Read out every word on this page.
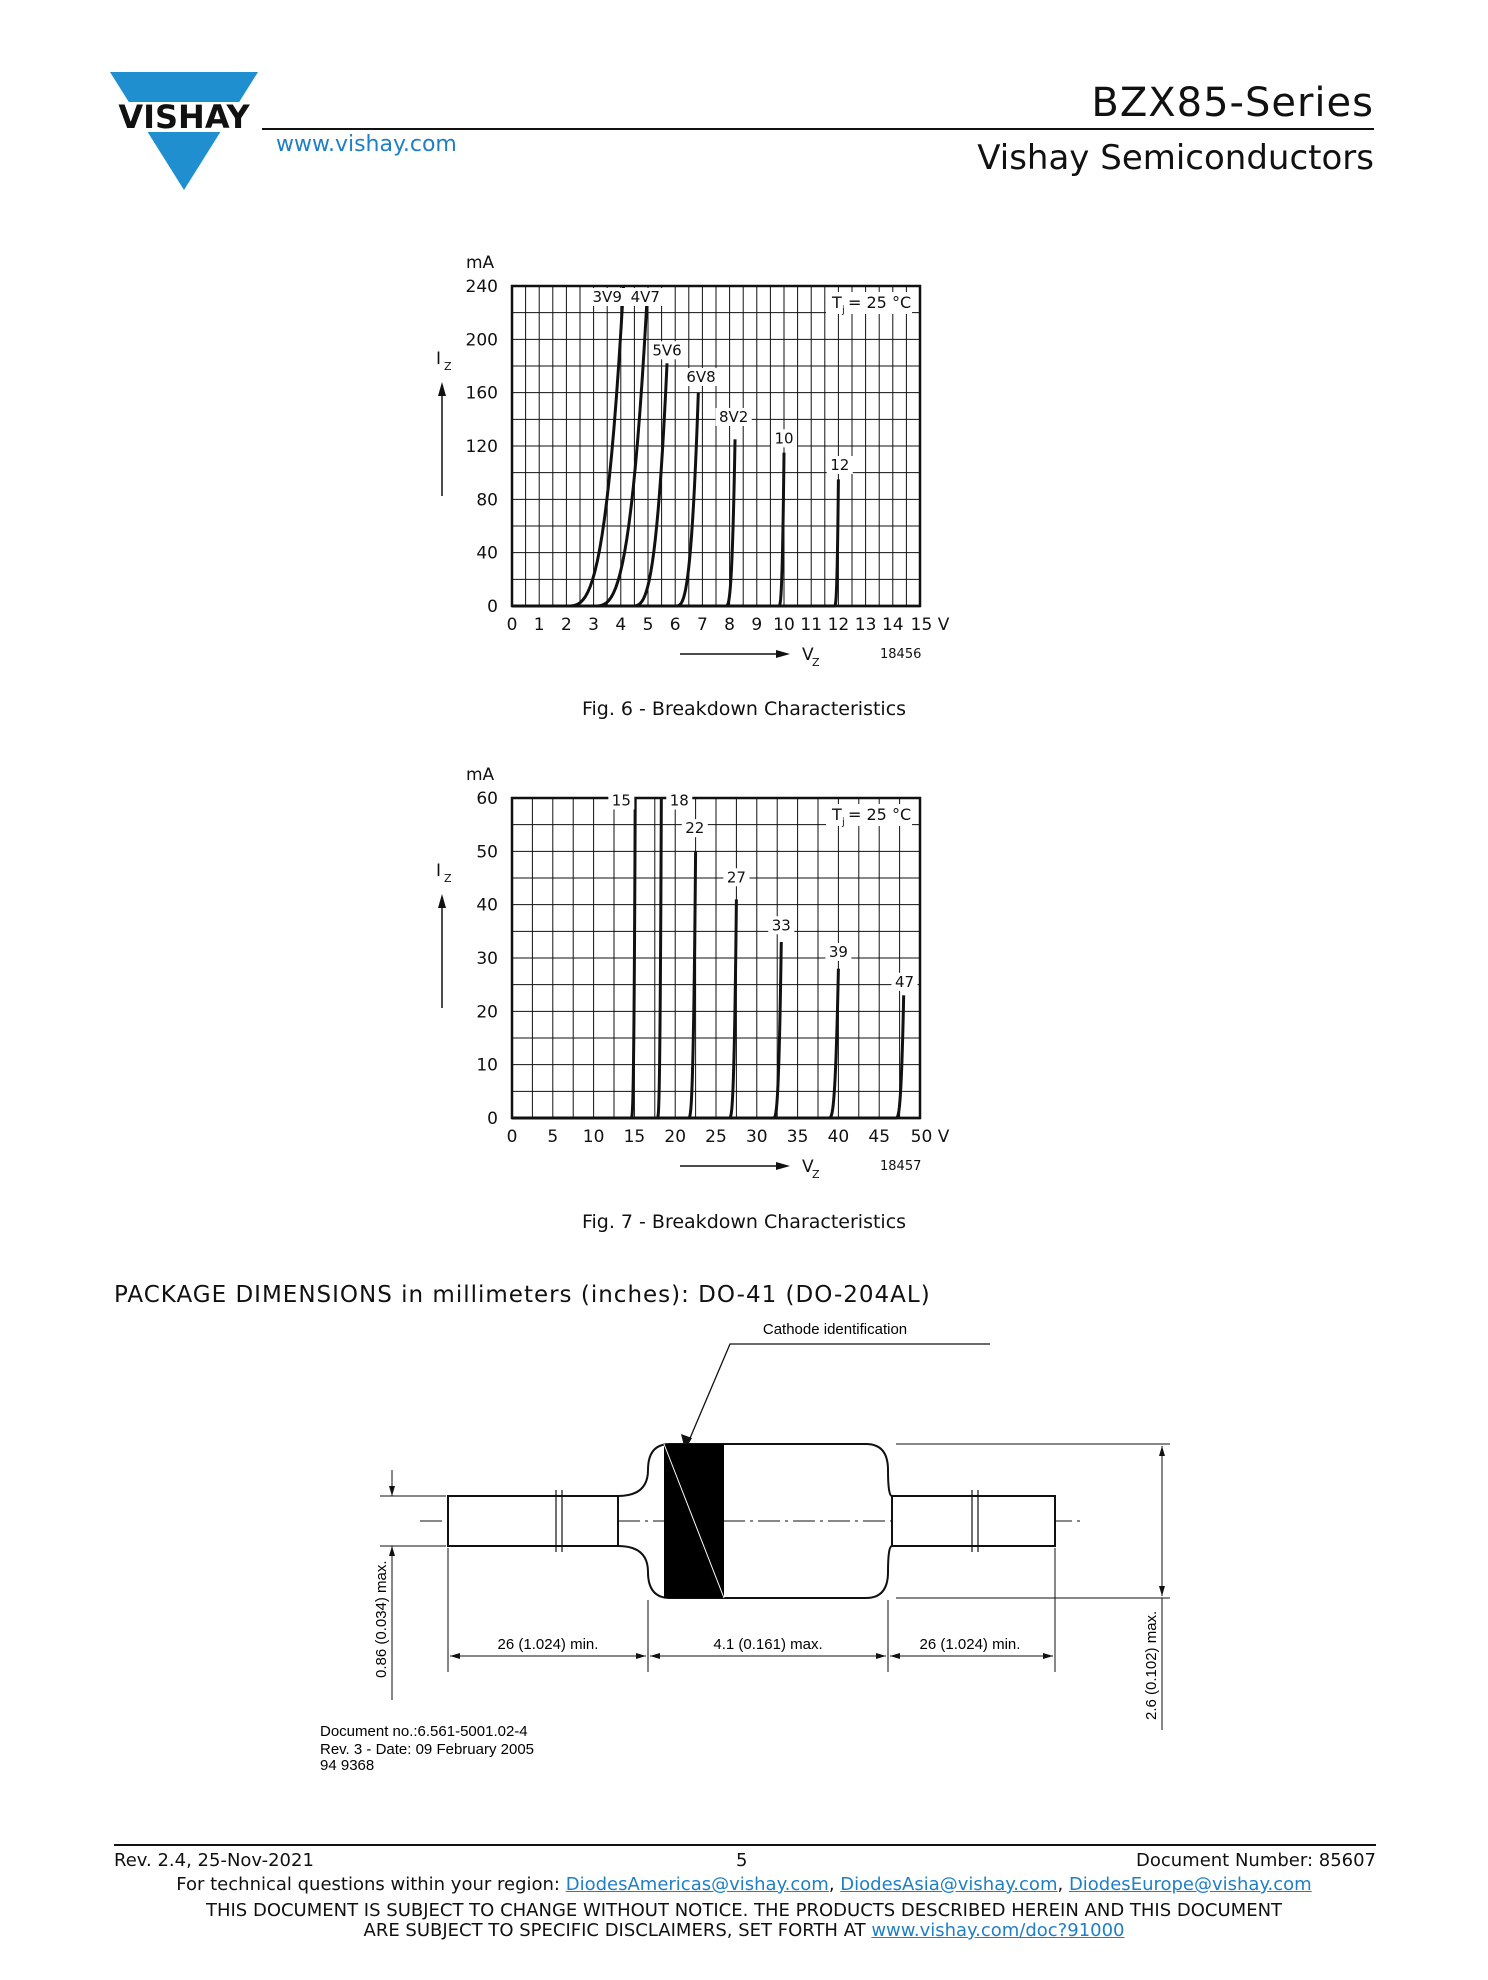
VISHAY
www.vishay.com
BZX85-Series
Vishay Semiconductors
0
40
80
120
160
200
240
0 1 2 3 4 5 6 7 8 9 10 11 12 13 14 15 V
mA
I Z
V
Z
18456
T j = 25 °C
3V9 4V7
5V6
6V8
8V2
10
12
Fig. 6 - Breakdown Characteristics
0
10
20
30
40
50
60
0 5 10 15 20 25 30 35 40 45 50 V
mA
I Z
V
Z
18457
T j = 25 °C
15	18
22
27
33
39
47
Fig. 7 - Breakdown Characteristics
PACKAGE DIMENSIONS in millimeters (inches): DO-41 (DO-204AL)
Cathode identification
26 (1.024) min.	4.1 (0.161) max.	26 (1.024) min.
0.86 (0.034) max.	2.6 (0.102) max.
Document no.:6.561-5001.02-4
Rev. 3 - Date: 09 February 2005
94 9368
Rev. 2.4, 25-Nov-2021	5	Document Number: 85607
For technical questions within your region: DiodesAmericas@vishay.com, DiodesAsia@vishay.com, DiodesEurope@vishay.com
THIS DOCUMENT IS SUBJECT TO CHANGE WITHOUT NOTICE. THE PRODUCTS DESCRIBED HEREIN AND THIS DOCUMENT
ARE SUBJECT TO SPECIFIC DISCLAIMERS, SET FORTH AT www.vishay.com/doc?91000
